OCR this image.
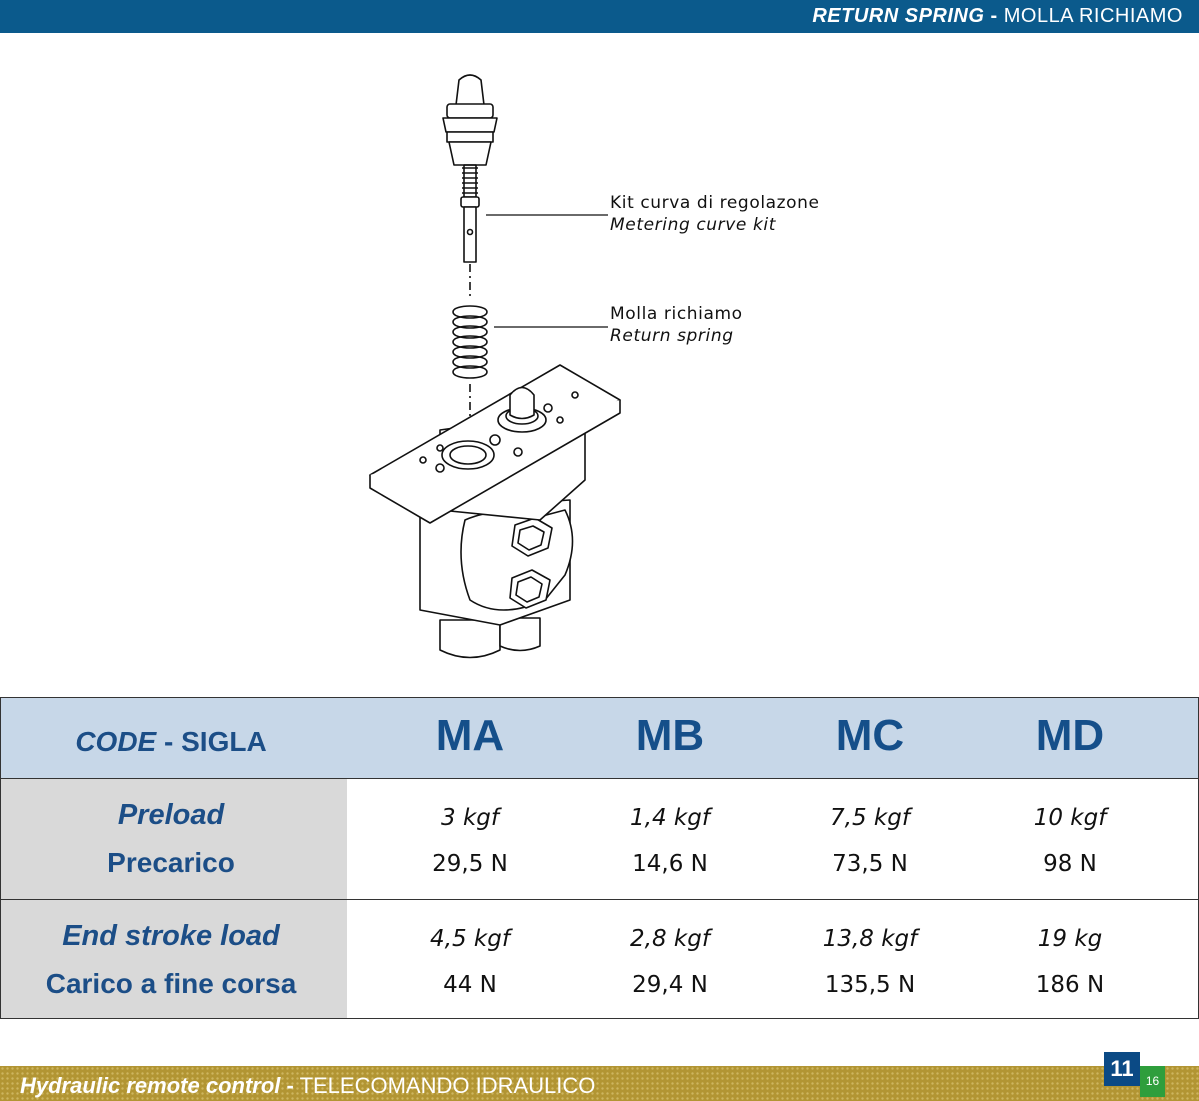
RETURN SPRING - MOLLA RICHIAMO
Kit curva di regolazone
Metering curve kit
Molla richiamo
Return spring
CODE - SIGLA	MA	MB	MC	MD
Preload
Precarico
3 kgf	1,4 kgf	7,5 kgf	10 kgf
29,5 N	14,6 N	73,5 N	98 N
End stroke load
Carico a fine corsa
4,5 kgf	2,8 kgf	13,8 kgf	19 kg
44 N	29,4 N	135,5 N	186 N
Hydraulic remote control - TELECOMANDO IDRAULICO
11	16
